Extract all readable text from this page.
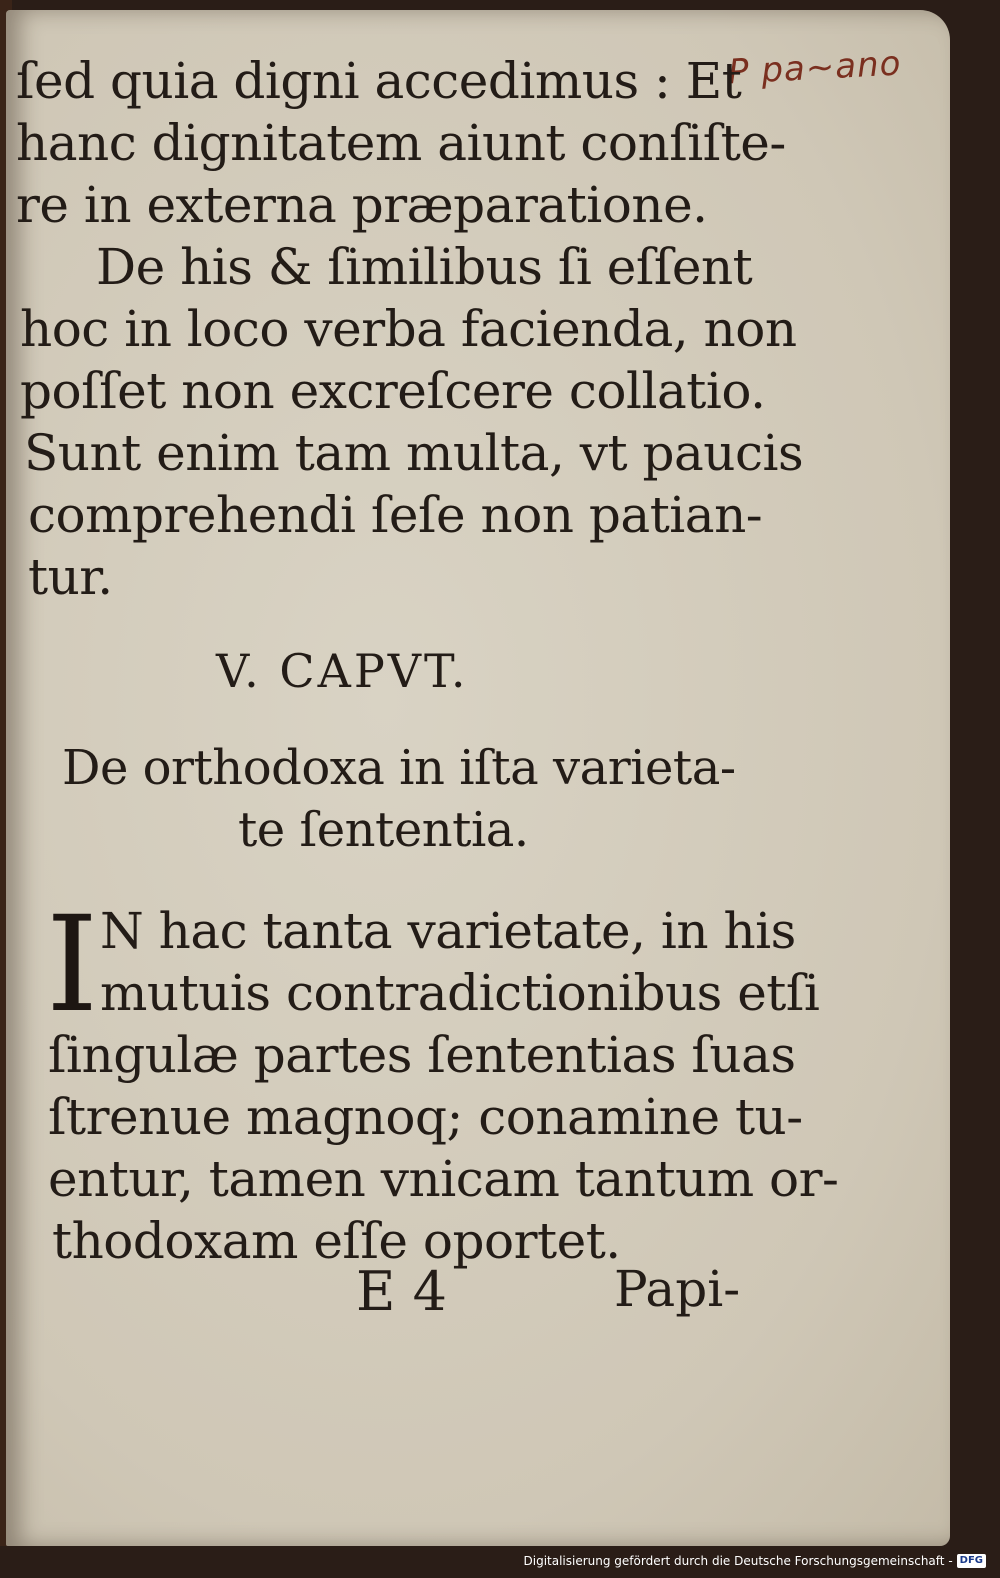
P pa~ano
ſed quia digni accedimus : Et
hanc dignitatem aiunt conſiſte-
re in externa præparatione.
De his & ſimilibus ſi eſſent
hoc in loco verba facienda, non
poſſet non excreſcere collatio.
Sunt enim tam multa, vt paucis
comprehendi ſeſe non patian-
tur.
V. CAPVT.
De orthodoxa in iſta varieta-
te ſententia.
I N hac tanta varietate, in his
mutuis contradictionibus etſi
ſingulæ partes ſententias ſuas
ſtrenue magnoq; conamine tu-
entur, tamen vnicam tantum or-
thodoxam eſſe oportet.
E 4	Papi-
Digitalisierung gefördert durch die Deutsche Forschungsgemeinschaft - DFG
